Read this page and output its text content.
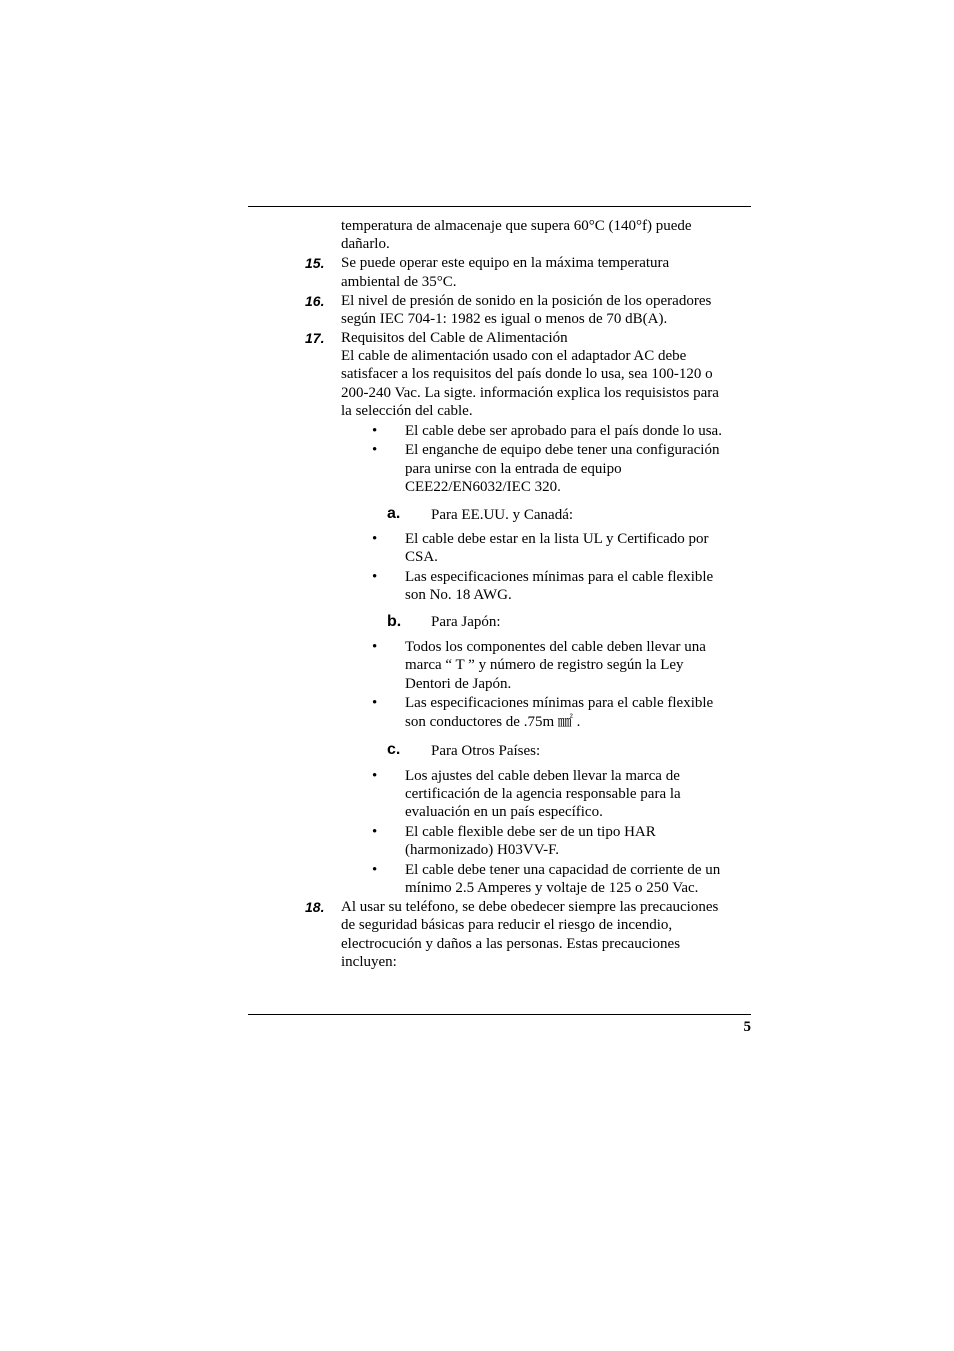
temperatura de almacenaje que supera 60°C (140°f) puede
dañarlo.
15. Se puede operar este equipo en la máxima temperatura
ambiental de 35°C.
16. El nivel de presión de sonido en la posición de los operadores
según IEC 704-1: 1982 es igual o menos de 70 dB(A).
17. Requisitos del Cable de Alimentación
El cable de alimentación usado con el adaptador AC debe
satisfacer a los requisitos del país donde lo usa, sea 100-120 o
200-240 Vac. La sigte. información explica los requisistos para
la selección del cable.
• El cable debe ser aprobado para el país donde lo usa.
• El enganche de equipo debe tener una configuración
para unirse con la entrada de equipo
CEE22/EN6032/IEC 320.
a. Para EE.UU. y Canadá:
• El cable debe estar en la lista UL y Certificado por
CSA.
• Las especificaciones mínimas para el cable flexible
son No. 18 AWG.
b. Para Japón:
• Todos los componentes del cable deben llevar una
marca “ T ” y número de registro según la Ley
Dentori de Japón.
• Las especificaciones mínimas para el cable flexible
son conductores de .75m ㎟ .
c. Para Otros Países:
• Los ajustes del cable deben llevar la marca de
certificación de la agencia responsable para la
evaluación en un país específico.
• El cable flexible debe ser de un tipo HAR
(harmonizado) H03VV-F.
• El cable debe tener una capacidad de corriente de un
mínimo 2.5 Amperes y voltaje de 125 o 250 Vac.
18. Al usar su teléfono, se debe obedecer siempre las precauciones
de seguridad básicas para reducir el riesgo de incendio,
electrocución y daños a las personas. Estas precauciones
incluyen:
5
